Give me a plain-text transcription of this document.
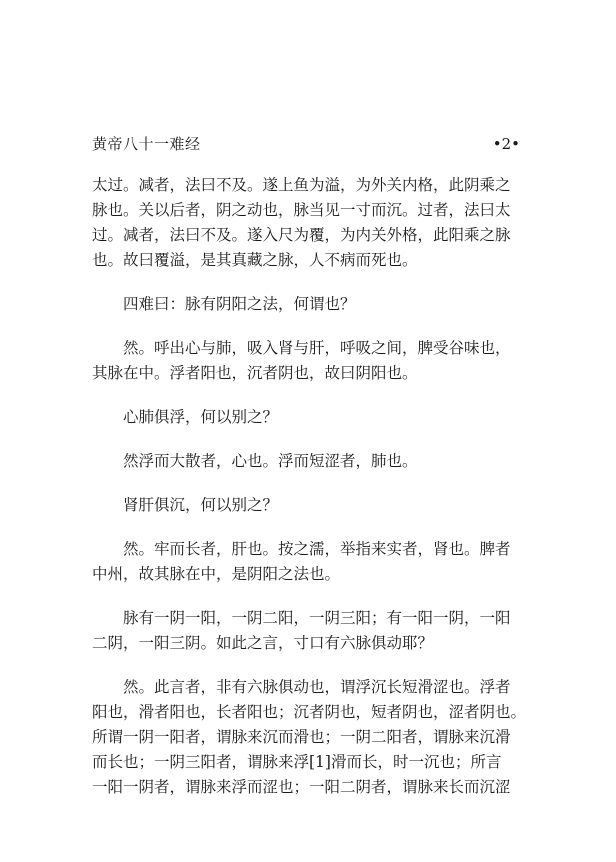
黄帝八十一难经	•2•
太过。减者，法曰不及。遂上鱼为溢，为外关内格，此阴乘之
脉也。关以后者，阴之动也，脉当见一寸而沉。过者，法曰太
过。减者，法曰不及。遂入尺为覆，为内关外格，此阳乘之脉
也。故曰覆溢，是其真藏之脉，人不病而死也。
四难曰：脉有阴阳之法，何谓也？
然。呼出心与肺，吸入肾与肝，呼吸之间，脾受谷味也，
其脉在中。浮者阳也，沉者阴也，故曰阴阳也。
心肺俱浮，何以别之？
然浮而大散者，心也。浮而短涩者，肺也。
肾肝俱沉，何以别之？
然。牢而长者，肝也。按之濡，举指来实者，肾也。脾者
中州，故其脉在中，是阴阳之法也。
脉有一阴一阳，一阴二阳，一阴三阳；有一阳一阴，一阳
二阴，一阳三阴。如此之言，寸口有六脉俱动耶？
然。此言者，非有六脉俱动也，谓浮沉长短滑涩也。浮者
阳也，滑者阳也，长者阳也；沉者阴也，短者阴也，涩者阴也。
所谓一阴一阳者，谓脉来沉而滑也；一阴二阳者，谓脉来沉滑
而长也；一阴三阳者，谓脉来浮[1]滑而长，时一沉也；所言
一阳一阴者，谓脉来浮而涩也；一阳二阴者，谓脉来长而沉涩
